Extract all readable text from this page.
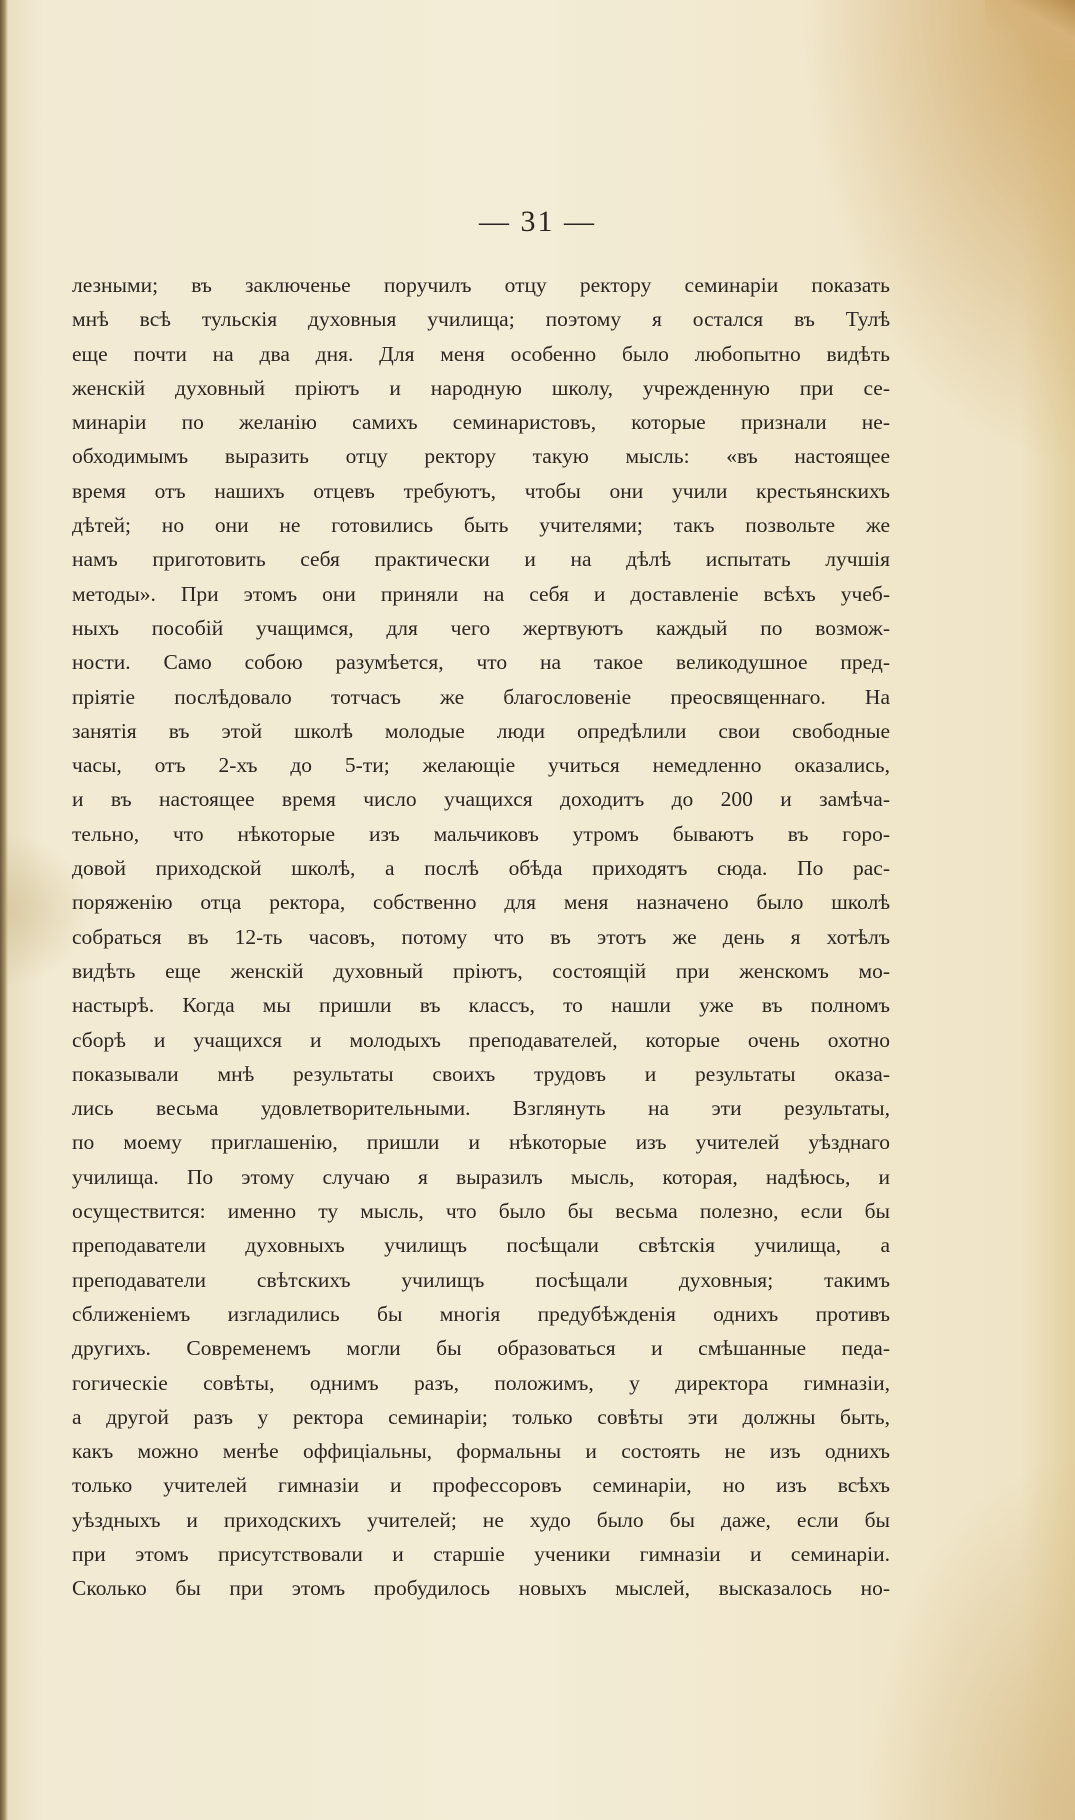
— 31 —
лезными; въ заключенье поручилъ отцу ректору семинаріи показать
мнѣ всѣ тульскія духовныя училища; поэтому я остался въ Тулѣ
еще почти на два дня. Для меня особенно было любопытно видѣть
женскій духовный пріютъ и народную школу, учрежденную при се-
минаріи по желанію самихъ семинаристовъ, которые признали не-
обходимымъ выразить отцу ректору такую мысль: «въ настоящее
время отъ нашихъ отцевъ требуютъ, чтобы они учили крестьянскихъ
дѣтей; но они не готовились быть учителями; такъ позвольте же
намъ приготовить себя практически и на дѣлѣ испытать лучшія
методы». При этомъ они приняли на себя и доставленіе всѣхъ учеб-
ныхъ пособій учащимся, для чего жертвуютъ каждый по возмож-
ности. Само собою разумѣется, что на такое великодушное пред-
пріятіе послѣдовало тотчасъ же благословеніе преосвященнаго. На
занятія въ этой школѣ молодые люди опредѣлили свои свободные
часы, отъ 2-хъ до 5-ти; желающіе учиться немедленно оказались,
и въ настоящее время число учащихся доходитъ до 200 и замѣча-
тельно, что нѣкоторые изъ мальчиковъ утромъ бываютъ въ горо-
довой приходской школѣ, а послѣ обѣда приходятъ сюда. По рас-
поряженію отца ректора, собственно для меня назначено было школѣ
собраться въ 12-ть часовъ, потому что въ этотъ же день я хотѣлъ
видѣть еще женскій духовный пріютъ, состоящій при женскомъ мо-
настырѣ. Когда мы пришли въ классъ, то нашли уже въ полномъ
сборѣ и учащихся и молодыхъ преподавателей, которые очень охотно
показывали мнѣ результаты своихъ трудовъ и результаты оказа-
лись весьма удовлетворительными. Взглянуть на эти результаты,
по моему приглашенію, пришли и нѣкоторые изъ учителей уѣзднаго
училища. По этому случаю я выразилъ мысль, которая, надѣюсь, и
осуществится: именно ту мысль, что было бы весьма полезно, если бы
преподаватели духовныхъ училищъ посѣщали свѣтскія училища, а
преподаватели свѣтскихъ училищъ посѣщали духовныя; такимъ
сближеніемъ изгладились бы многія предубѣжденія однихъ противъ
другихъ. Современемъ могли бы образоваться и смѣшанные педа-
гогическіе совѣты, однимъ разъ, положимъ, у директора гимназіи,
а другой разъ у ректора семинаріи; только совѣты эти должны быть,
какъ можно менѣе оффиціальны, формальны и состоять не изъ однихъ
только учителей гимназіи и профессоровъ семинаріи, но изъ всѣхъ
уѣздныхъ и приходскихъ учителей; не худо было бы даже, если бы
при этомъ присутствовали и старшіе ученики гимназіи и семинаріи.
Сколько бы при этомъ пробудилось новыхъ мыслей, высказалось но-
